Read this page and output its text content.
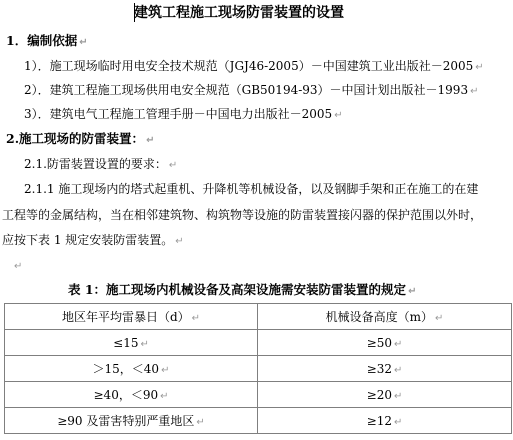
建筑工程施工现场防雷装置的设置
1．编制依据 ↵
1）．施工现场临时用电安全技术规范（JGJ46-2005）－中国建筑工业出版社－2005 ↵
2）．建筑工程施工现场供用电安全规范（GB50194-93）－中国计划出版社－1993 ↵
3）．建筑电气工程施工管理手册－中国电力出版社－2005 ↵
2.施工现场的防雷装置： ↵
2.1.防雷装置设置的要求： ↵
2.1.1 施工现场内的塔式起重机、升降机等机械设备，以及钢脚手架和正在施工的在建
工程等的金属结构，当在相邻建筑物、构筑物等设施的防雷装置接闪器的保护范围以外时，
应按下表 1 规定安装防雷装置。 ↵
↵
表 1：施工现场内机械设备及高架设施需安装防雷装置的规定 ↵
地区年平均雷暴日（d） ↵	机械设备高度（m） ↵
≤15 ↵	≥50 ↵
＞15，＜40 ↵	≥32 ↵
≥40，＜90 ↵	≥20 ↵
≥90 及雷害特别严重地区 ↵	≥12 ↵
